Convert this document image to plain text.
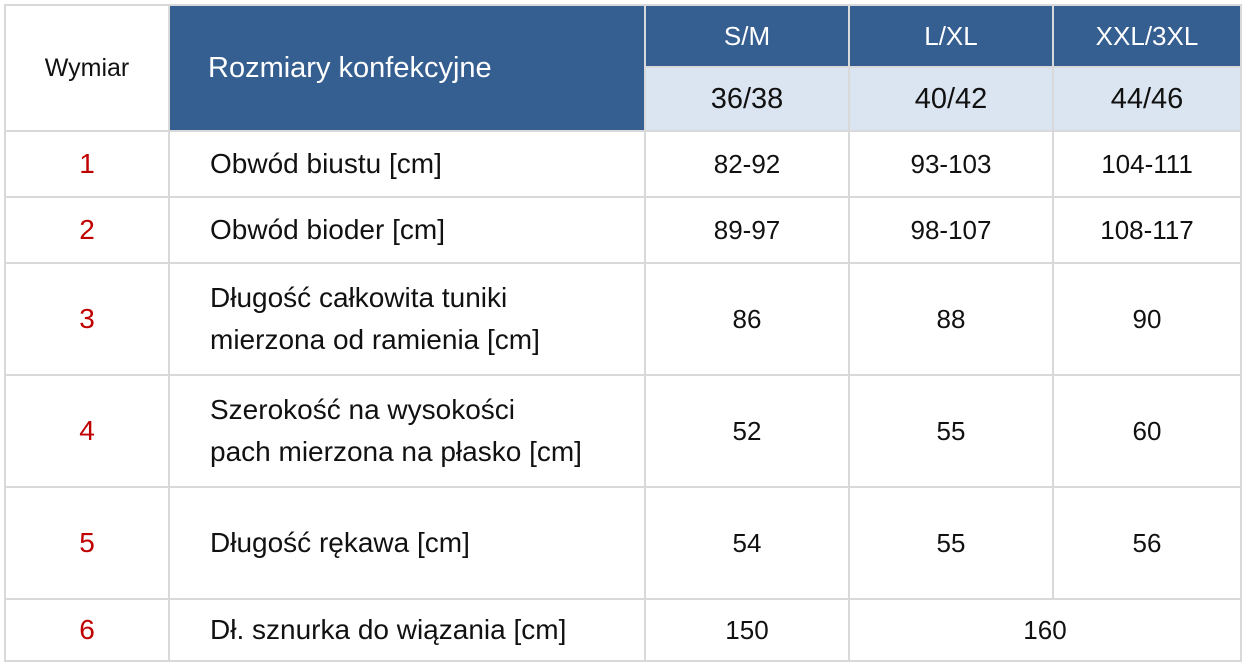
Wymiar	Rozmiary konfekcyjne	S/M	L/XL	XXL/3XL
		36/38	40/42	44/46
1	Obwód biustu [cm]	82-92	93-103	104-111
2	Obwód bioder [cm]	89-97	98-107	108-117
3	Długość całkowita tuniki
mierzona od ramienia [cm]	86	88	90
4	Szerokość na wysokości
pach mierzona na płasko [cm]	52	55	60
5	Długość rękawa [cm]	54	55	56
6	Dł. sznurka do wiązania [cm]	150	160	
